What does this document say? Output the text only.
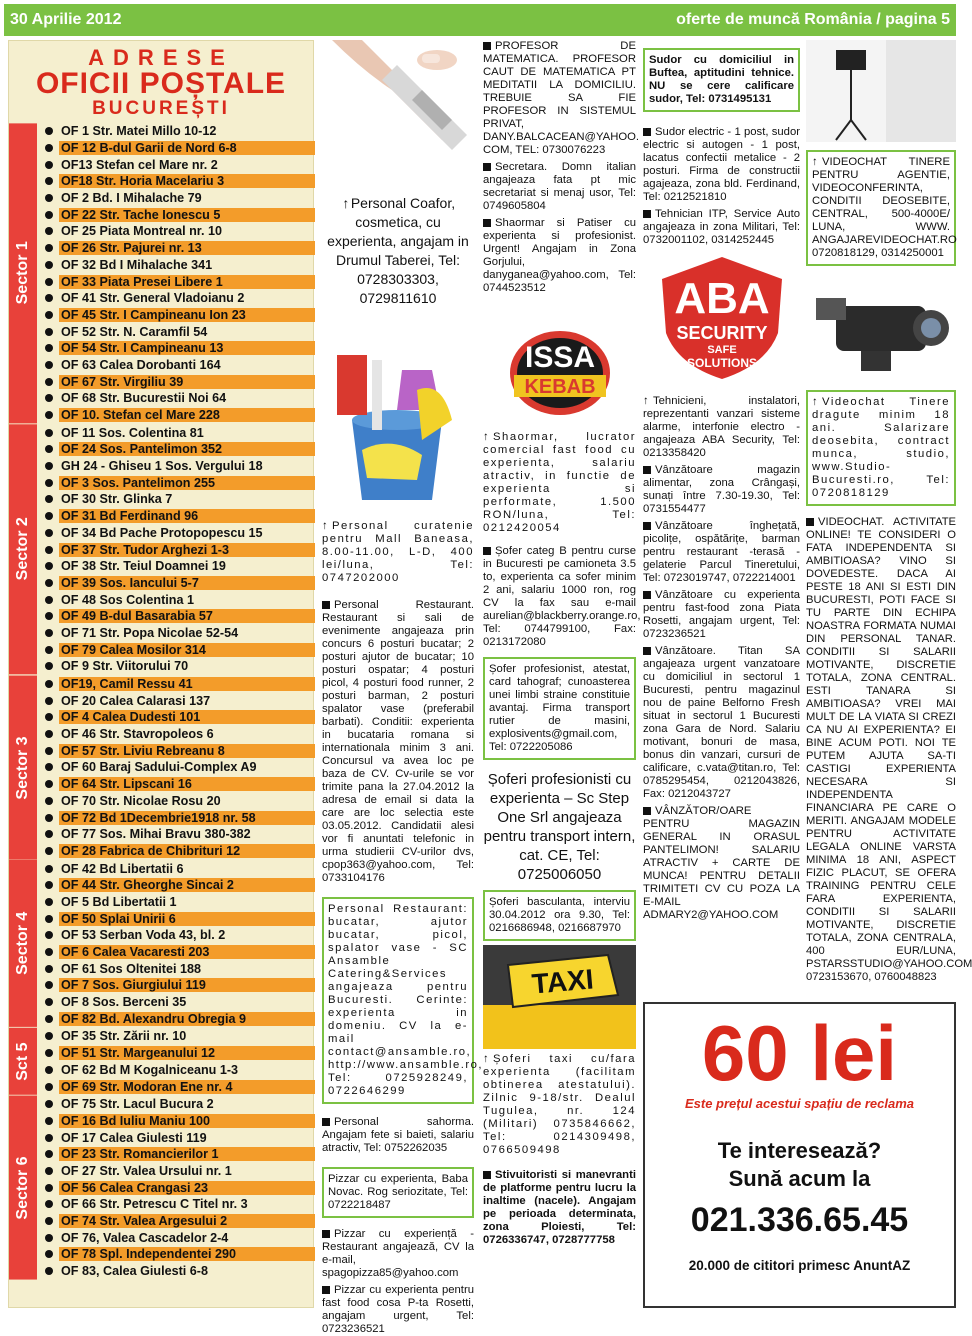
30 Aprilie 2012	oferte de muncă România / pagina 5
ADRESE
OFICII POȘTALE
BUCUREȘTI
Sector 1
OF 1 Str. Matei Millo 10-12
OF 12 B-dul Garii de Nord 6-8
OF13 Stefan cel Mare nr. 2
OF18 Str. Horia Macelariu 3
OF 2 Bd. I Mihalache 79
OF 22 Str. Tache Ionescu 5
OF 25 Piata Montreal nr. 10
OF 26 Str. Pajurei nr. 13
OF 32 Bd I Mihalache 341
OF 33 Piata Presei Libere 1
OF 41 Str. General Vladoianu 2
OF 45 Str. I Campineanu Ion 23
OF 52 Str. N. Caramfil 54
OF 54 Str. I Campineanu 13
OF 63 Calea Dorobanti 164
OF 67 Str. Virgiliu 39
OF 68 Str. Bucurestii Noi 64
OF 10. Stefan cel Mare 228
Sector 2
OF 11 Sos. Colentina 81
OF 24 Sos. Pantelimon 352
GH 24 - Ghiseu 1 Sos. Vergului 18
OF 3 Sos. Pantelimon 255
OF 30 Str. Glinka 7
OF 31 Bd Ferdinand 96
OF 34 Bd Pache Protopopescu 15
OF 37 Str. Tudor Arghezi 1-3
OF 38 Str. Teiul Doamnei 19
OF 39 Sos. Iancului 5-7
OF 48 Sos Colentina 1
OF 49 B-dul Basarabia 57
OF 71 Str. Popa Nicolae 52-54
OF 79 Calea Mosilor 314
OF 9 Str. Viitorului 70
Sector 3
OF19, Camil Ressu 41
OF 20 Calea Calarasi 137
OF 4 Calea Dudesti 101
OF 46 Str. Stavropoleos 6
OF 57 Str. Liviu Rebreanu 8
OF 60 Baraj Sadului-Complex A9
OF 64 Str. Lipscani 16
OF 70 Str. Nicolae Rosu 20
OF 72 Bd 1Decembrie1918 nr. 58
OF 77 Sos. Mihai Bravu 380-382
OF 28 Fabrica de Chibrituri 12
Sector 4
OF 42 Bd Libertatii 6
OF 44 Str. Gheorghe Sincai 2
OF 5 Bd Libertatii 1
OF 50 Splai Unirii 6
OF 53 Serban Voda 43, bl. 2
OF 6 Calea Vacaresti 203
OF 61 Sos Oltenitei 188
OF 7 Sos. Giurgiului 119
OF 8 Sos. Berceni 35
OF 82 Bd. Alexandru Obregia 9
Sct 5
OF 35 Str. Zării nr. 10
OF 51 Str. Margeanului 12
OF 62 Bd M Kogalniceanu 1-3
OF 69 Str. Modoran Ene nr. 4
Sector 6
OF 75 Str. Lacul Bucura 2
OF 16 Bd Iuliu Maniu 100
OF 17 Calea Giulesti 119
OF 23 Str. Romancierilor 1
OF 27 Str. Valea Ursului nr. 1
OF 56 Calea Crangasi 23
OF 66 Str. Petrescu C Titel nr. 3
OF 74 Str. Valea Argesului 2
OF 76, Valea Cascadelor 2-4
OF 78 Spl. Independentei 290
OF 83, Calea Giulesti 6-8
↑ Personal Coafor, cosmetica, cu experienta, angajam in Drumul Taberei, Tel: 0728303303, 0729811610
↑ Personal curatenie pentru Mall Baneasa, 8.00-11.00, L-D, 400 lei/luna, Tel: 0747202000
Personal Restaurant. Restaurant si sali de evenimente angajeaza prin concurs 6 posturi bucatar; 2 posturi ajutor de bucatar; 10 posturi ospatar; 4 posturi picol, 4 posturi food runner, 2 posturi barman, 2 posturi spalator vase (preferabil barbati). Conditii: experienta in bucataria romana si internationala minim 3 ani. Concursul va avea loc pe baza de CV. Cv-urile se vor trimite pana la 27.04.2012 la adresa de email si data la care are loc selectia este 03.05.2012. Candidatii alesi vor fi anuntati telefonic in urma studierii CV-urilor dvs, cpop363@yahoo.com, Tel: 0733104176
Personal Restaurant: bucatar, ajutor bucatar, picol, spalator vase - SC Ansamble Catering&Services angajeaza pentru Bucuresti. Cerinte: experienta in domeniu. CV la e-mail contact@ansamble.ro, http://www.ansamble.ro, Tel: 0725928249, 0722646299
Personal sahorma. Angajam fete si baieti, salariu atractiv, Tel: 0752262035
Pizzar cu experienta, Baba Novac. Rog seriozitate, Tel: 0722218487
Pizzar cu experiență - Restaurant angajează, CV la e-mail, spagopizza85@yahoo.com
Pizzar cu experienta pentru fast food cosa P-ta Rosetti, angajam urgent, Tel: 0723236521
PROFESOR DE MATEMATICA. PROFESOR CAUT DE MATEMATICA PT MEDITATII LA DOMICILIU. TREBUIE SA FIE PROFESOR IN SISTEMUL PRIVAT, DANY.BALCACEAN@YAHOO. COM, TEL: 0730076223
Secretara. Domn italian angajeaza fata pt mic secretariat si menaj usor, Tel: 0749605804
Shaormar si Patiser cu experienta si profesionist. Urgent! Angajam in Zona Gorjului, danyganea@yahoo.com, Tel: 0744523512
ISSA
KEBAB
↑ Shaormar, lucrator comercial fast food cu experienta, salariu atractiv, in functie de experienta si performate, 1.500 RON/luna, Tel: 0212420054
Șofer categ B pentru curse in Bucuresti pe camioneta 3.5 to, experienta ca sofer minim 2 ani, salariu 1000 ron, rog CV la fax sau e-mail aurelian@blackberry.orange.ro, Tel: 0744799100, Fax: 0213172080
Șofer profesionist, atestat, card tahograf; cunoasterea unei limbi straine constituie avantaj. Firma transport rutier de masini, explosivents@gmail.com, Tel: 0722205086
Șoferi profesionisti cu experienta – Sc Step One Srl angajeaza pentru transport intern, cat. CE, Tel: 0725006050
Șoferi basculanta, interviu 30.04.2012 ora 9.30, Tel: 0216686948, 0216687970
TAXI
↑ Șoferi taxi cu/fara experienta (facilitam obtinerea atestatului). Zilnic 9-18/str. Dealul Tugulea, nr. 124 (Militari) 0735846662, Tel: 0214309498, 0766509498
Stivuitoristi si manevranti de platforme pentru lucru la inaltime (nacele). Angajam pe perioada determinata, zona Ploiesti, Tel: 0726336747, 0728777758
Sudor cu domiciliul in Buftea, aptitudini tehnice. NU se cere calificare sudor, Tel: 0731495131
Sudor electric - 1 post, sudor electric si autogen - 1 post, lacatus confectii metalice - 2 posturi. Firma de constructii agajeaza, zona bld. Ferdinand, Tel: 0212521810
Tehnician ITP, Service Auto angajeaza in zona Militari, Tel: 0732001102, 0314252445
ABA
SECURITY
SAFE
SOLUTIONS
↑ Tehnicieni, instalatori, reprezentanti vanzari sisteme alarme, interfonie electro - angajeaza ABA Security, Tel: 0213358420
Vânzătoare magazin alimentar, zona Crângași, sunați între 7.30-19.30, Tel: 0731554477
Vânzătoare înghețată, picolițe, ospătărițe, barman pentru restaurant -terasă -gelaterie Parcul Tineretului, Tel: 0723019747, 0722214001
Vânzătoare cu experienta pentru fast-food zona Piata Rosetti, angajam urgent, Tel: 0723236521
Vânzătoare. Titan SA angajeaza urgent vanzatoare cu domiciliul in sectorul 1 Bucuresti, pentru magazinul nou de paine Belforno Fresh situat in sectorul 1 Bucuresti zona Gara de Nord. Salariu motivant, bonuri de masa, bonus din vanzari, cursuri de calificare, c.vata@titan.ro, Tel: 0785295454, 0212043826, Fax: 0212043727
VÂNZĂTOR/OARE PENTRU MAGAZIN GENERAL IN ORASUL PANTELIMON! SALARIU ATRACTIV + CARTE DE MUNCA! PENTRU DETALII TRIMITETI CV CU POZA LA E-MAIL ADMARY2@YAHOO.COM
↑ VIDEOCHAT TINERE PENTRU AGENTIE, VIDEOCONFERINTA, CONDITII DEOSEBITE, CENTRAL, 500-4000E/ LUNA, WWW. ANGAJAREVIDEOCHAT.RO 0720818129, 0314250001
↑ Videochat Tinere dragute minim 18 ani. Salarizare deosebita, contract munca, studio, www.Studio-Bucuresti.ro, Tel: 0720818129
VIDEOCHAT. ACTIVITATE ONLINE! TE CONSIDERI O FATA INDEPENDENTA SI AMBITIOASA? VINO SI DOVEDESTE. DACA AI PESTE 18 ANI SI ESTI DIN BUCURESTI, POTI FACE SI TU PARTE DIN ECHIPA NOASTRA FORMATA NUMAI DIN PERSONAL TANAR. CONDITII SI SALARII MOTIVANTE, DISCRETIE TOTALA, ZONA CENTRAL. ESTI TANARA SI AMBITIOASA? VREI MAI MULT DE LA VIATA SI CREZI CA NU AI EXPERIENTA? EI BINE ACUM POTI. NOI TE PUTEM AJUTA SA-TI CASTIGI EXPERIENTA NECESARA SI INDEPENDENTA FINANCIARA PE CARE O MERITI. ANGAJAM MODELE PENTRU ACTIVITATE LEGALA ONLINE VARSTA MINIMA 18 ANI, ASPECT FIZIC PLACUT, SE OFERA TRAINING PENTRU CELE FARA EXPERIENTA, CONDITII SI SALARII MOTIVANTE, DISCRETIE TOTALA, ZONA CENTRALA, 400 EUR/LUNA, PSTARSSTUDIO@YAHOO.COM 0723153670, 0760048823
60 lei
Este prețul acestui spațiu de reclama
Te interesează?
Sună acum la
021.336.65.45
20.000 de cititori primesc AnuntAZ
